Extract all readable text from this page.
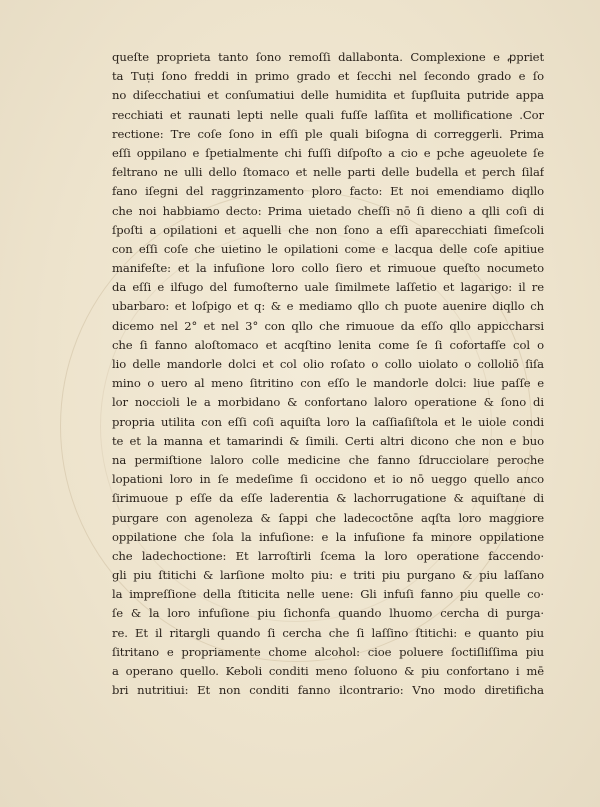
queſte proprieta tanto ſono remoſſi dallabonta. Complexione e ꝓpriet
ta Tuṭi ſono freddi in primo grado et ſecchi nel ſecondo grado e ſo
no diſecchatiui et conſumatiui delle humidita et ſupſluita putride appa
recchiati et raunati lepti nelle quali fuſſe laſſita et mollificatione .Cor
rectione: Tre coſe ſono in eſſi ple quali biſogna di correggerli. Prima
eſſi oppilano e ſpetialmente chi fuſſi diſpoſto a cio e pche ageuolete ſe
feltrano ne ulli dello ſtomaco et nelle parti delle budella et perch ſilaf
fano iſegni del raggrinzamento ploro facto: Et noi emendiamo diqllo
che noi habbiamo decto: Prima uietado cheſſi nō ſi dieno a qlli coſi di
ſpoſti a opilationi et aquelli che non ſono a eſſi aparecchiati ſimeſcoli
con eſſi coſe che uietino le opilationi come e lacqua delle coſe apitiue
manifeſte: et la infuſione loro collo ſiero et rimuoue queſto nocumeto
da eſſi e ilfugo del fumoſterno uale ſimilmete laſſetio et lagarigo: il re
ubarbaro: et loſpigo et q: & e mediamo qllo ch puote auenire diqllo ch
dicemo nel 2° et nel 3° con qllo che rimuoue da eſſo qllo appiccharsi
che ſi fanno aloſtomaco et acqſtino lenita come ſe ſi cofortafſe col o
lio delle mandorle dolci et col olio roſato o collo uiolato o colloliō ſiſa
mino o uero al meno ſitritino con eſſo le mandorle dolci: liue paſſe e
lor noccioli le a morbidano & confortano laloro operatione & ſono di
propria utilita con eſſi coſi aquiſta loro la caſſiaſiſtola et le uiole condi
te et la manna et tamarindi & ſimili. Certi altri dicono che non e buo
na permiſtione laloro colle medicine che fanno ſdrucciolare peroche
lopationi loro in ſe medeſime ſi occidono et io nō ueggo quello anco
ſirimuoue p eſſe da eſſe laderentia & lachorrugatione & aquiſtane di
purgare con agenoleza & ſappi che ladecoctōne aqſta loro maggiore
oppilatione che ſola la infuſione: e la infuſione fa minore oppilatione
che ladechoctione: Et larroſtirli ſcema la loro operatione faccendo·
gli piu ſtitichi & larſione molto piu: e triti piu purgano & piu laſſano
la impreſſione della ſtiticita nelle uene: Gli infuſi fanno piu quelle co·
ſe & la loro infuſione piu ſichonfa quando lhuomo cercha di purga·
re. Et il ritargli quando ſi cercha che ſi laſſino ſtitichi: e quanto piu
ſitritano e propriamente chome alcohol: cioe poluere ſoctiſliſſima piu
a operano quello. Keboli conditi meno ſoluono & piu confortano i mē
bri nutritiui: Et non conditi fanno ilcontrario: Vno modo diretificha
